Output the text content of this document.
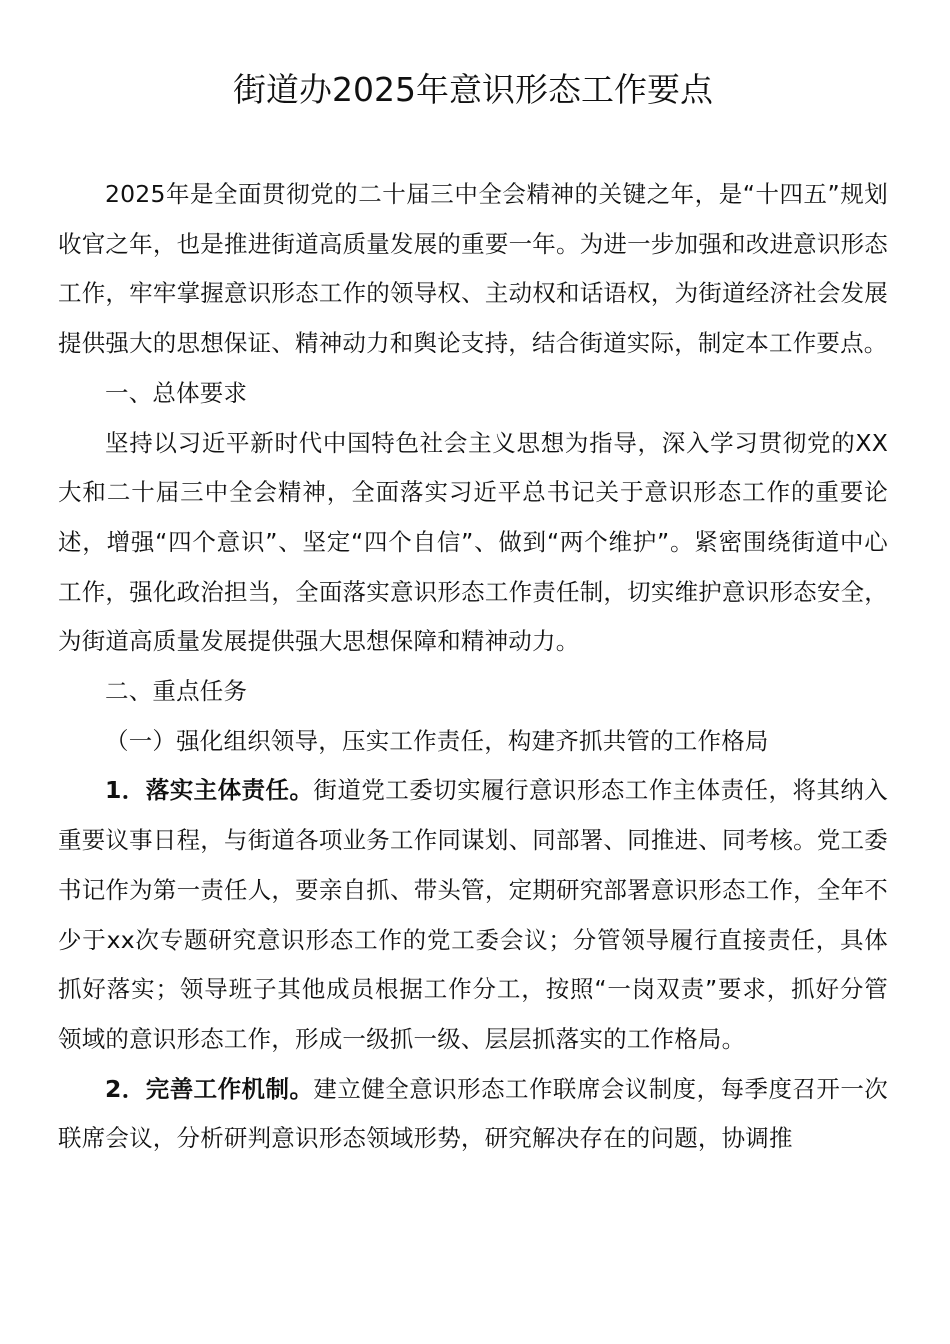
街道办2025年意识形态工作要点

2025年是全面贯彻党的二十届三中全会精神的关键之年，是“十四五”规划收官之年，也是推进街道高质量发展的重要一年。为进一步加强和改进意识形态工作，牢牢掌握意识形态工作的领导权、主动权和话语权，为街道经济社会发展提供强大的思想保证、精神动力和舆论支持，结合街道实际，制定本工作要点。

一、总体要求

坚持以习近平新时代中国特色社会主义思想为指导，深入学习贯彻党的XX大和二十届三中全会精神，全面落实习近平总书记关于意识形态工作的重要论述，增强“四个意识”、坚定“四个自信”、做到“两个维护”。紧密围绕街道中心工作，强化政治担当，全面落实意识形态工作责任制，切实维护意识形态安全，为街道高质量发展提供强大思想保障和精神动力。

二、重点任务

（一）强化组织领导，压实工作责任，构建齐抓共管的工作格局

1．落实主体责任。街道党工委切实履行意识形态工作主体责任，将其纳入重要议事日程，与街道各项业务工作同谋划、同部署、同推进、同考核。党工委书记作为第一责任人，要亲自抓、带头管，定期研究部署意识形态工作，全年不少于xx次专题研究意识形态工作的党工委会议；分管领导履行直接责任，具体抓好落实；领导班子其他成员根据工作分工，按照“一岗双责”要求，抓好分管领域的意识形态工作，形成一级抓一级、层层抓落实的工作格局。

2．完善工作机制。建立健全意识形态工作联席会议制度，每季度召开一次联席会议，分析研判意识形态领域形势，研究解决存在的问题，协调推
